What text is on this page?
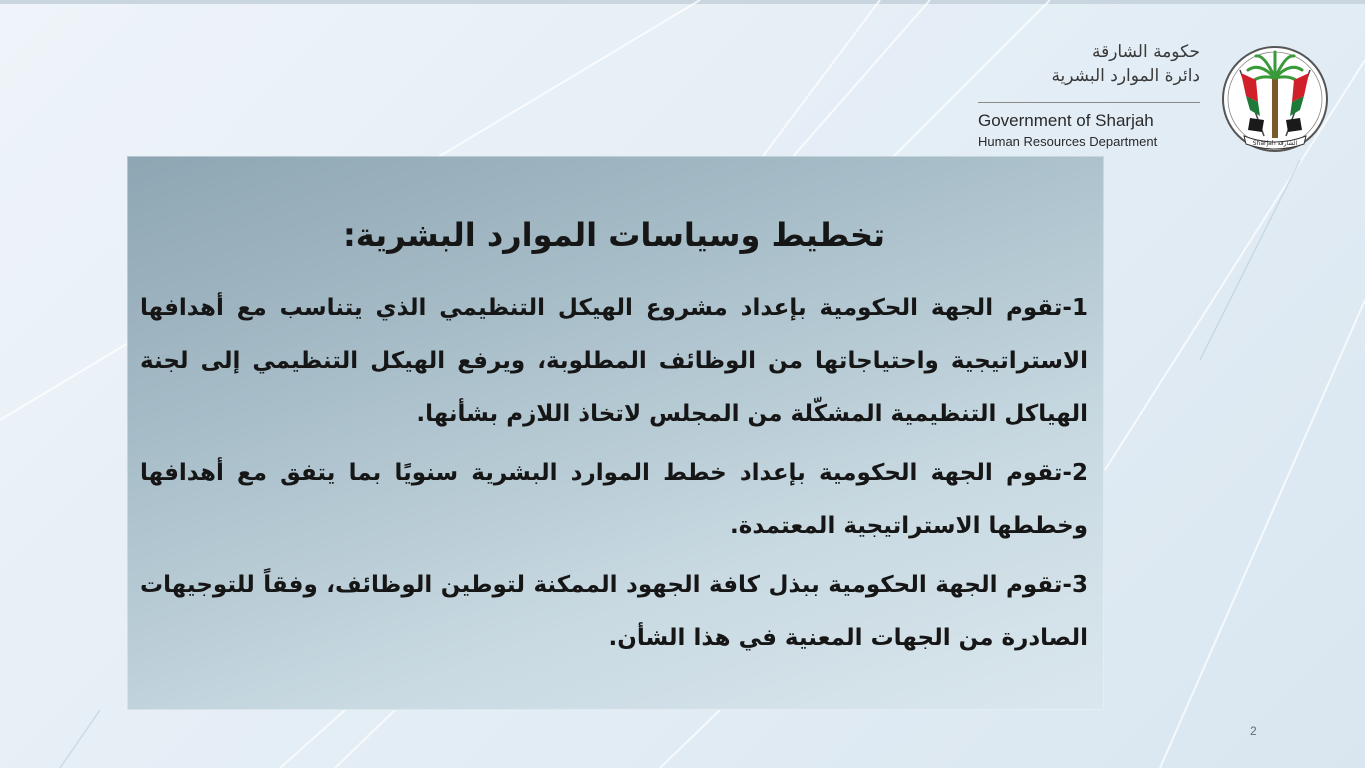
تخطيط وسياسات الموارد البشرية:

1-تقوم الجهة الحكومية بإعداد مشروع الهيكل التنظيمي الذي يتناسب مع أهدافها الاستراتيجية واحتياجاتها من الوظائف المطلوبة، ويرفع الهيكل التنظيمي إلى لجنة الهياكل التنظيمية المشكّلة من المجلس لاتخاذ اللازم بشأنها.

2-تقوم الجهة الحكومية بإعداد خطط الموارد البشرية سنويًا بما يتفق مع أهدافها وخططها الاستراتيجية المعتمدة.

3-تقوم الجهة الحكومية ببذل كافة الجهود الممكنة لتوطين الوظائف، وفقاً للتوجيهات الصادرة من الجهات المعنية في هذا الشأن.

حكومة الشارقة
دائرة الموارد البشرية
Government of Sharjah
Human Resources Department	Sharjah الشارقة
2
